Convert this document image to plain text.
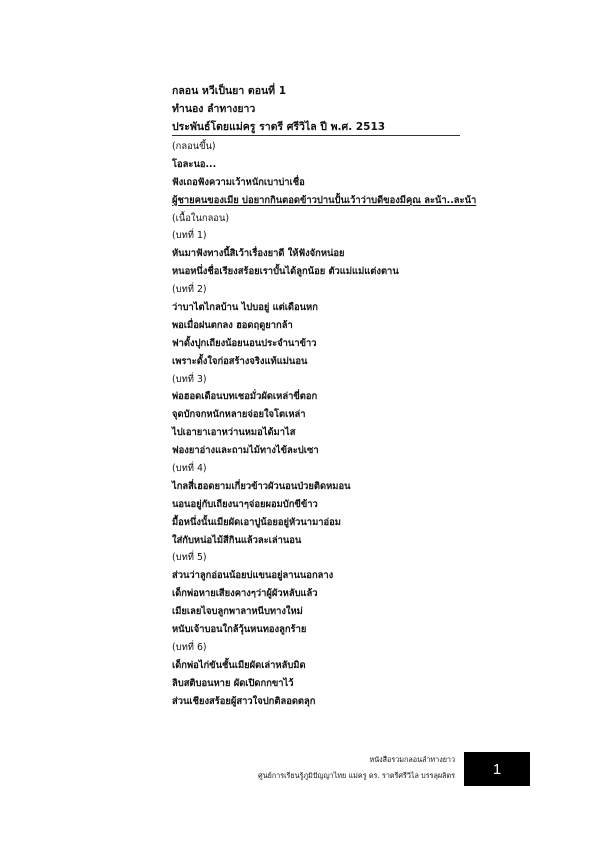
กลอน หวีเป็นยา ตอนที่ 1
ทำนอง ลำทางยาว
ประพันธ์โดยแม่ครู ราตรี ศรีวิไล ปี พ.ศ. 2513
(กลอนขึ้น)
โอละนอ...
ฟังเถอฟังความเว้าหนักเบาบ่าเชื่อ
ผู้ชายคนของเมีย บ่อยากกินตอดข้าวปานปั้นเว้าว่าบดีของมีคุณ ละน้า..ละน้า
(เนื้อในกลอน)
(บทที่ 1)
หันมาฟังทางนี้สิเว้าเรื่องยาดี ให้ฟังจักหน่อย
หนอหนึ่งชื่อเรียงสร้อยเราบั้นได้ลูกน้อย ตัวแม่แม่แต่งตาน
(บทที่ 2)
ว่าบาไตไกลบ้าน ไปบอยู่ แต่เดือนหก
พอเมื่อฝนตกลง ฮอดฤดูยากล้า
ฟาดั้งปุกเถียงน้อยนอนประจำนาข้าว
เพราะดั้งใจก่อสร้างจริงแท้แม่นอน
(บทที่ 3)
พ่อฮอดเดือนบทเชอมั่วผัดเหล่าขี่ตอก
จุดบักจกหนักหลายจ่อยใจโตเหล่า
ไปเอายาเอาหว่านหมอได้มาไส
ฟองยาอ่างและถามไม้ทางไข้ละบ่เซา
(บทที่ 4)
ไกลสี่เฮอดยามเกี่ยวข้าวผัวนอนป่วยติดหมอน
นอนอยู่กับเถียงนาๆจ่อยผอมบักขีข้าว
มื้อหนึ่งนั้นเมียผัดเอาปูน้อยอยู่หัวนามาอ่อม
ใส่กับหน่อไม้สีกินแล้วละเล่านอน
(บทที่ 5)
ส่วนว่าลูกอ่อนน้อยบ่แขนอยู่ลานนอกลาง
เด็กพ่อหายเสียงคางๆว่าผู้ผัวหลับแล้ว
เมียเลยไจบลูกพาลาหนีบทางใหม่
หนับเจ้าบอนใกล้วุ้นหนทองลูกร้าย
(บทที่ 6)
เด็กพ่อไก่ขันชั้นเมียผัดเล่าหลับมิด
ลิบสติบอนหาย ผัดเปิดกกขาไว้
ส่วนเชียงสร้อยผู้สาวใจปกติลอดตลุก
หนังสือรวมกลอนลำทางยาว
ศูนย์การเรียนรู้ภูมิปัญญาไทย แม่ครู ดร. ราตรีศรีวิไล บรรลุผลิตร	1
